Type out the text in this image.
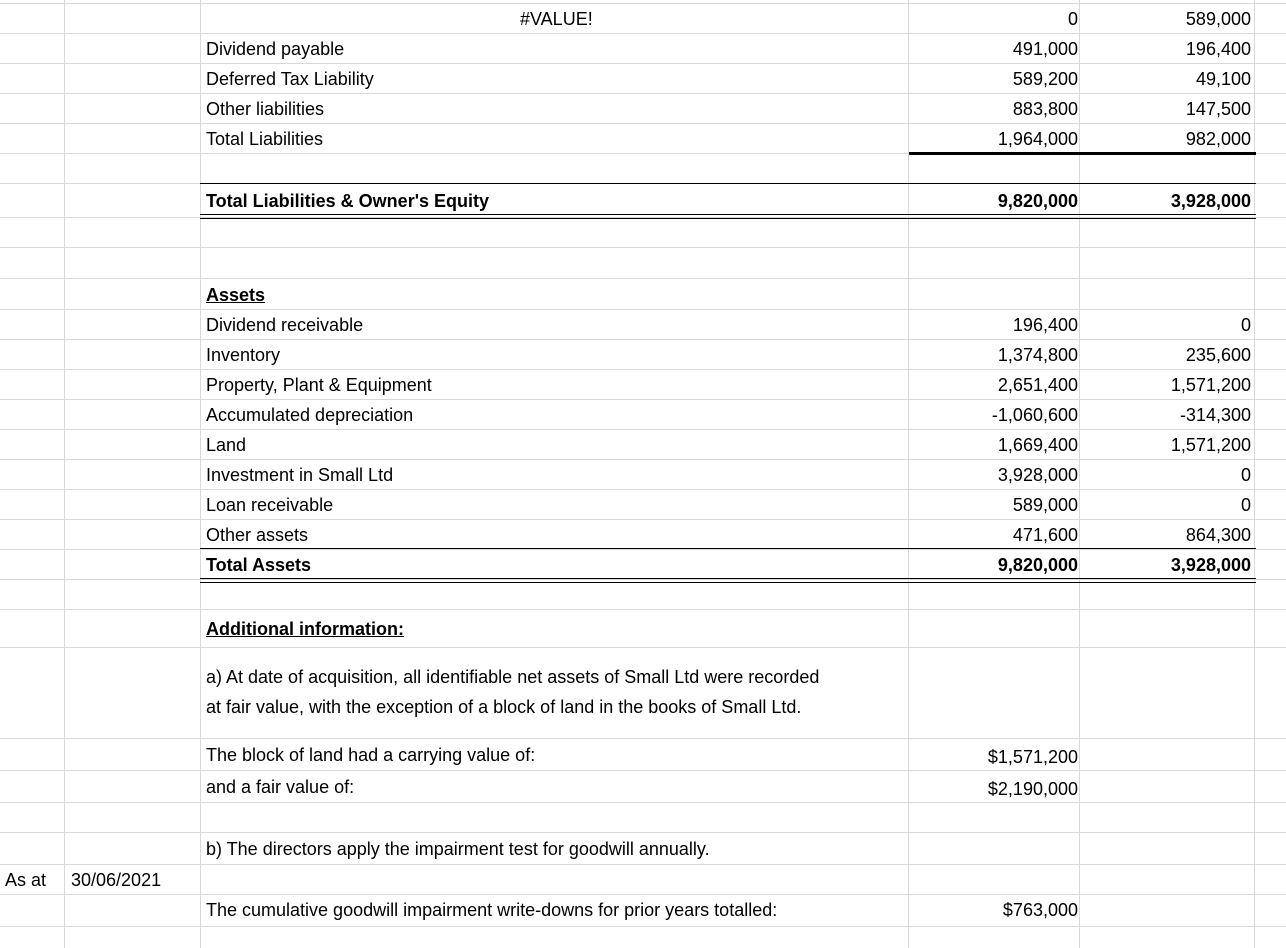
#VALUE!	0	589,000
Dividend payable	491,000	196,400
Deferred Tax Liability	589,200	49,100
Other liabilities	883,800	147,500
Total Liabilities	1,964,000	982,000
Total Liabilities & Owner's Equity	9,820,000	3,928,000
Assets
Dividend receivable	196,400	0
Inventory	1,374,800	235,600
Property, Plant & Equipment	2,651,400	1,571,200
Accumulated depreciation	-1,060,600	-314,300
Land	1,669,400	1,571,200
Investment in Small Ltd	3,928,000	0
Loan receivable	589,000	0
Other assets	471,600	864,300
Total Assets	9,820,000	3,928,000
Additional information:
a) At date of acquisition, all identifiable net assets of Small Ltd were recorded
at fair value, with the exception of a block of land in the books of Small Ltd.
The block of land had a carrying value of:	$1,571,200
and a fair value of:	$2,190,000
b) The directors apply the impairment test for goodwill annually.
As at 30/06/2021
The cumulative goodwill impairment write-downs for prior years totalled:	$763,000
